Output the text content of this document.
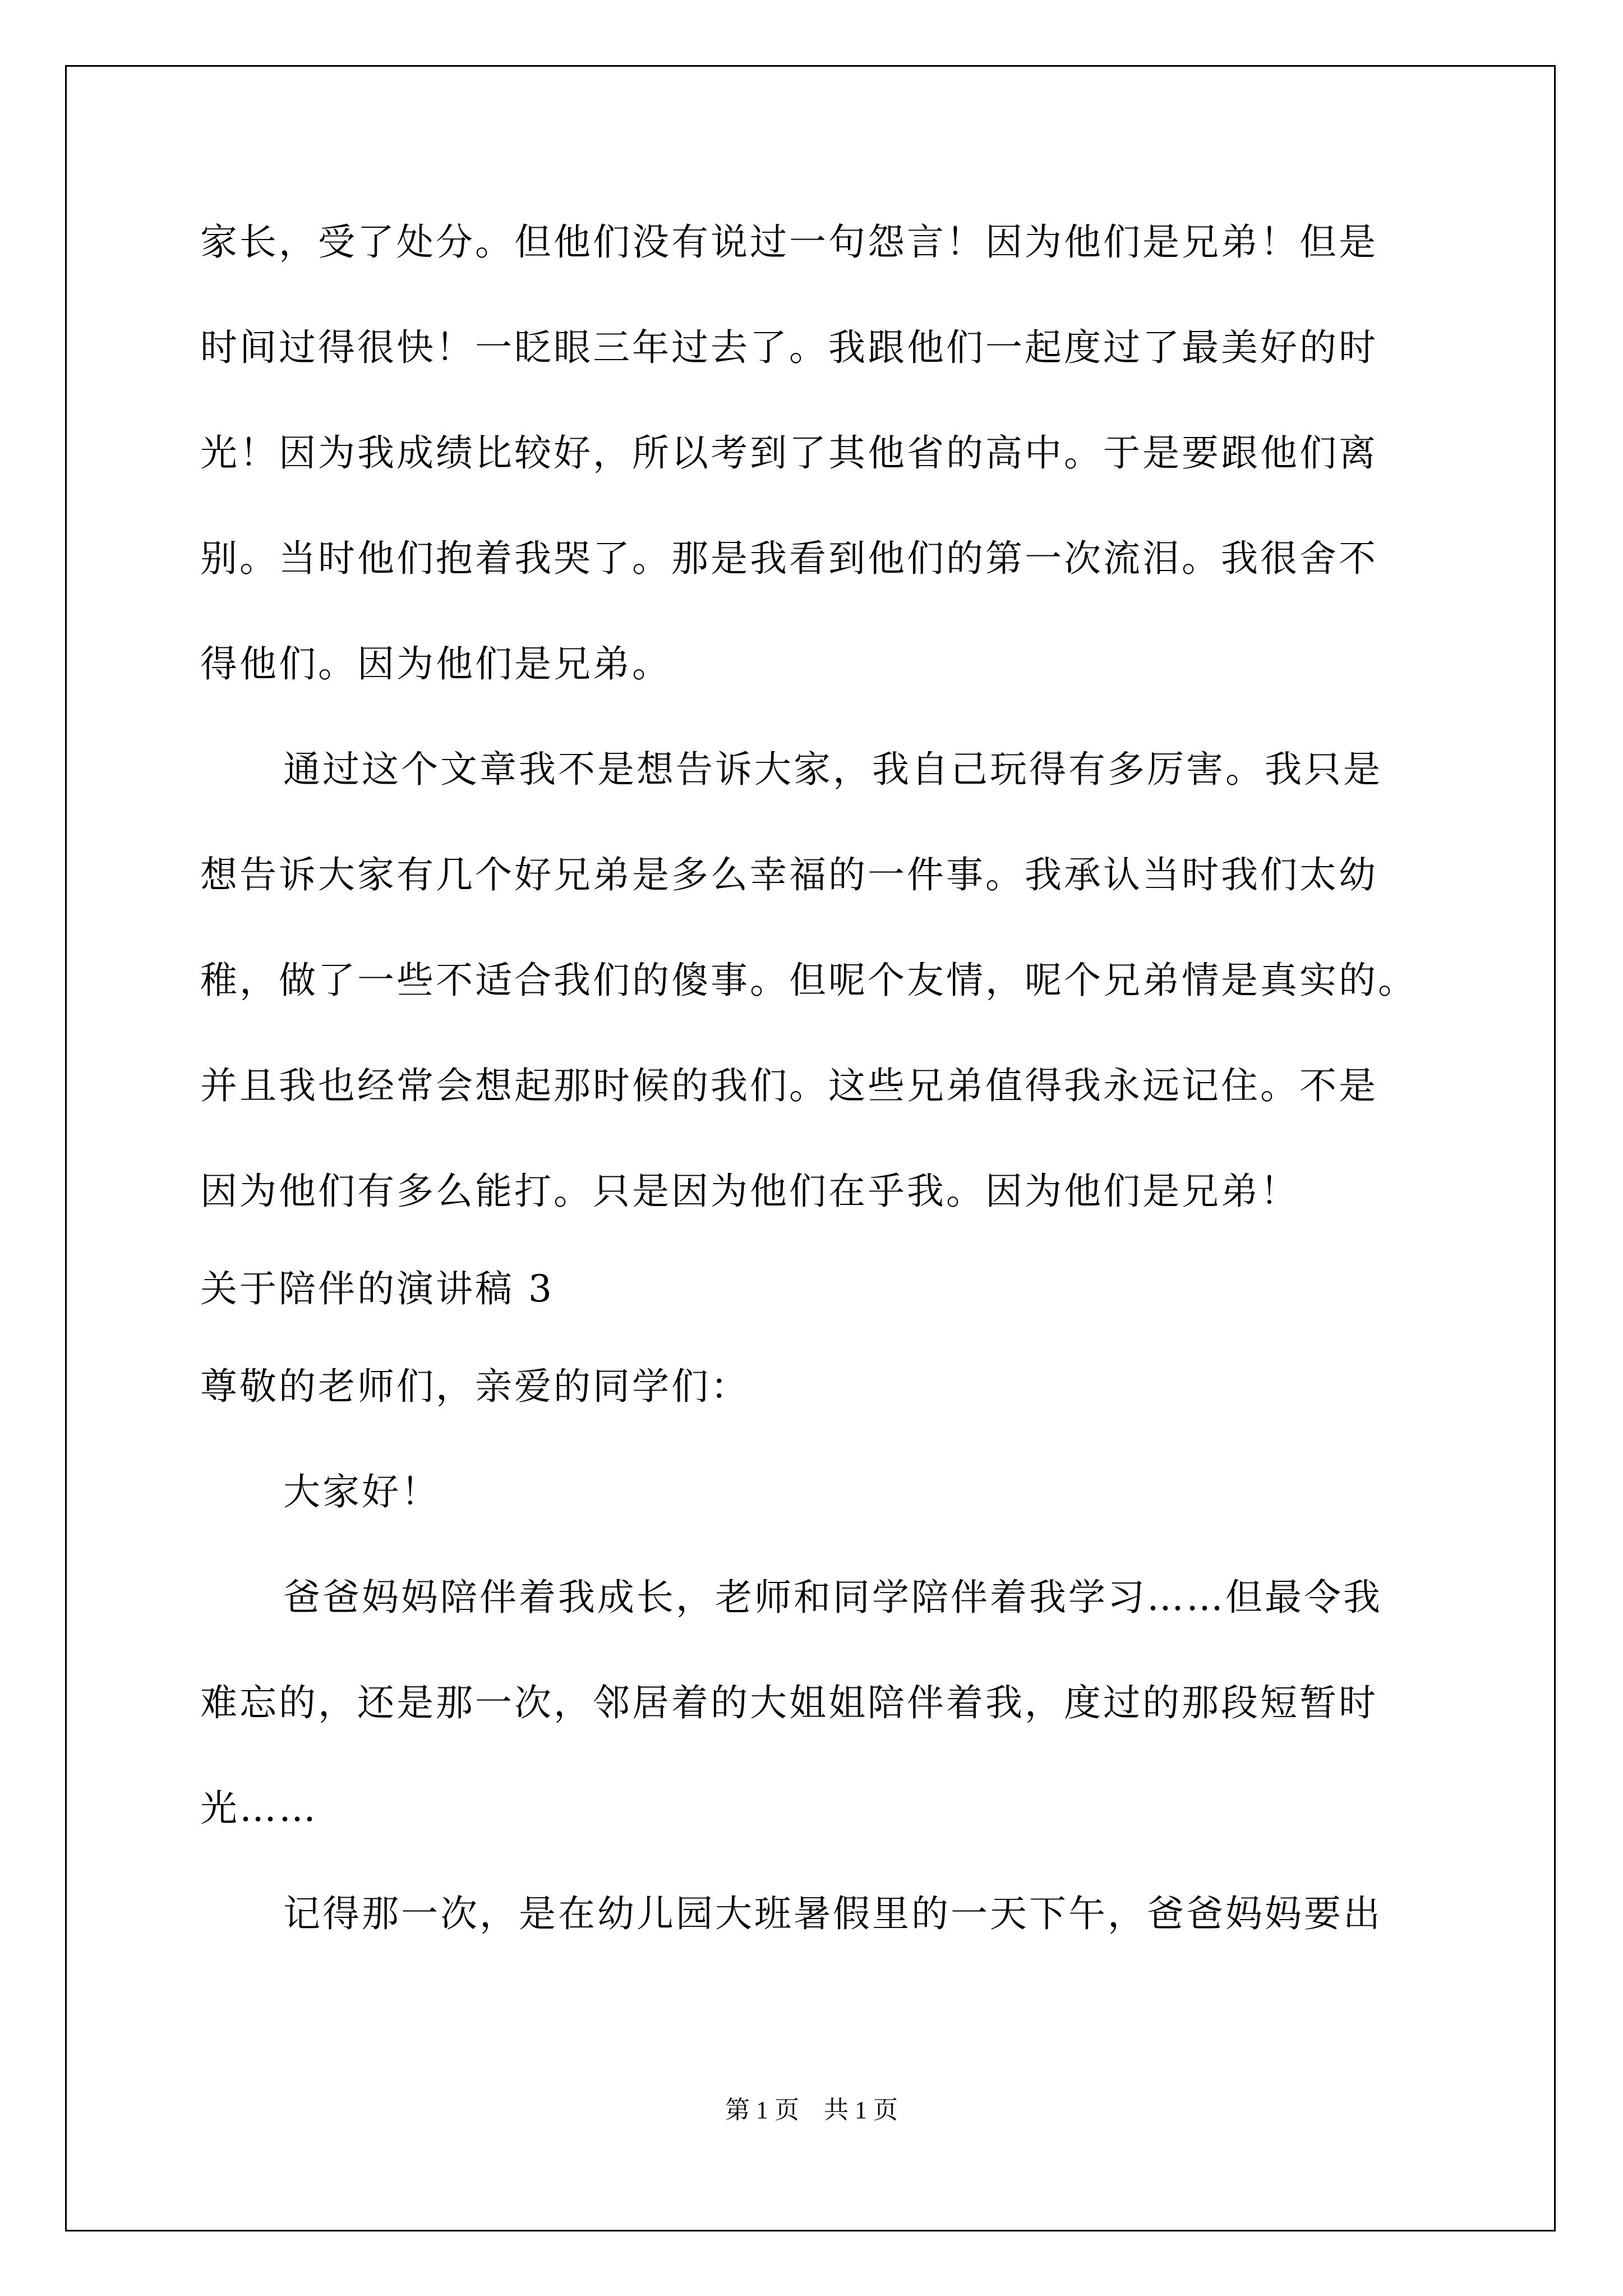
家长，受了处分。但他们没有说过一句怨言！因为他们是兄弟！但是
时间过得很快！一眨眼三年过去了。我跟他们一起度过了最美好的时
光！因为我成绩比较好，所以考到了其他省的高中。于是要跟他们离
别。当时他们抱着我哭了。那是我看到他们的第一次流泪。我很舍不
得他们。因为他们是兄弟。
通过这个文章我不是想告诉大家，我自己玩得有多厉害。我只是
想告诉大家有几个好兄弟是多么幸福的一件事。我承认当时我们太幼
稚，做了一些不适合我们的傻事。但呢个友情，呢个兄弟情是真实的。
并且我也经常会想起那时候的我们。这些兄弟值得我永远记住。不是
因为他们有多么能打。只是因为他们在乎我。因为他们是兄弟！
关于陪伴的演讲稿 3
尊敬的老师们，亲爱的同学们：
大家好！
爸爸妈妈陪伴着我成长，老师和同学陪伴着我学习……但最令我
难忘的，还是那一次，邻居着的大姐姐陪伴着我，度过的那段短暂时
光……
记得那一次，是在幼儿园大班暑假里的一天下午，爸爸妈妈要出
第 1 页　共 1 页
